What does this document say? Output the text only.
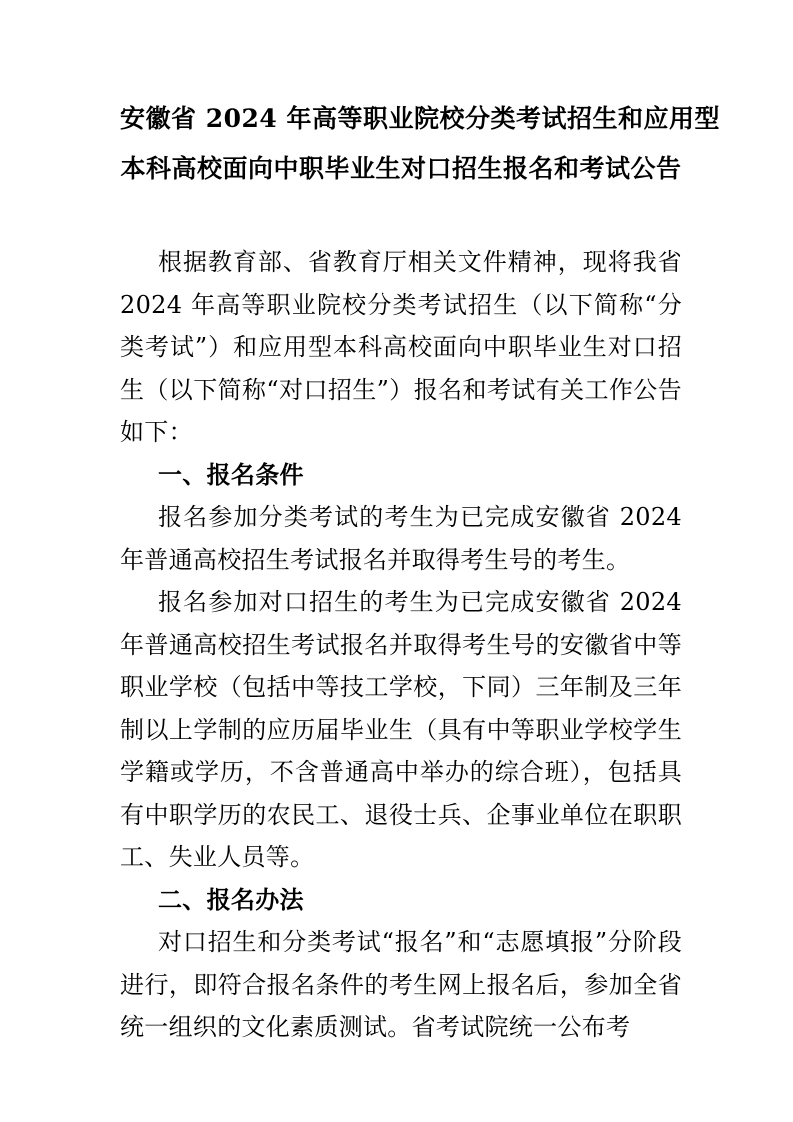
安徽省 2024 年高等职业院校分类考试招生和应用型
本科高校面向中职毕业生对口招生报名和考试公告

根据教育部、省教育厅相关文件精神，现将我省 2024 年高等职业院校分类考试招生（以下简称“分类考试”）和应用型本科高校面向中职毕业生对口招生（以下简称“对口招生”）报名和考试有关工作公告如下：

一、报名条件

报名参加分类考试的考生为已完成安徽省 2024 年普通高校招生考试报名并取得考生号的考生。

报名参加对口招生的考生为已完成安徽省 2024 年普通高校招生考试报名并取得考生号的安徽省中等职业学校（包括中等技工学校，下同）三年制及三年制以上学制的应历届毕业生（具有中等职业学校学生学籍或学历，不含普通高中举办的综合班），包括具有中职学历的农民工、退役士兵、企事业单位在职职工、失业人员等。

二、报名办法

对口招生和分类考试“报名”和“志愿填报”分阶段进行，即符合报名条件的考生网上报名后，参加全省统一组织的文化素质测试。省考试院统一公布考
